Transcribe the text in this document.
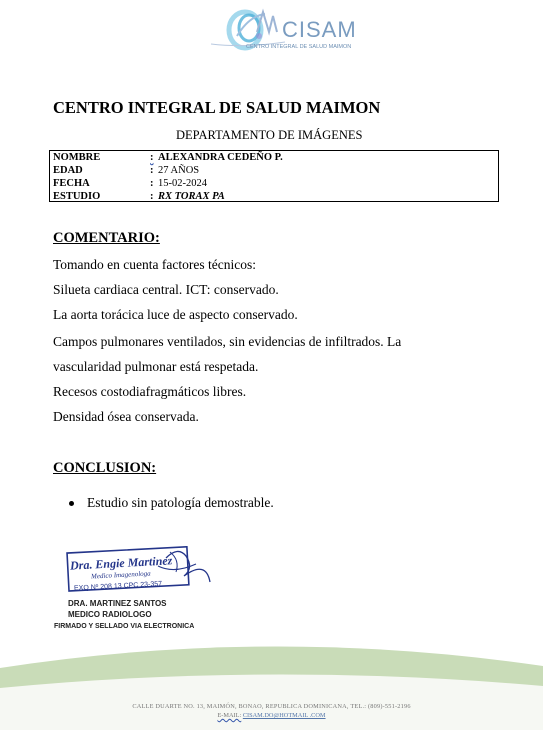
CISAM
CENTRO INTEGRAL DE SALUD MAIMON
CENTRO INTEGRAL DE SALUD MAIMON
DEPARTAMENTO DE IMÁGENES
NOMBRE	: ALEXANDRA CEDEÑO P.
EDAD	: 27 AÑOS
FECHA	: 15-02-2024
ESTUDIO	: RX TORAX PA
COMENTARIO:
Tomando en cuenta factores técnicos:
Silueta cardiaca central. ICT: conservado.
La aorta torácica luce de aspecto conservado.
Campos pulmonares ventilados, sin evidencias de infiltrados. La
vascularidad pulmonar está respetada.
Recesos costodiafragmáticos libres.
Densidad ósea conservada.
CONCLUSION:
Estudio sin patología demostrable.
Dra. Engie Martinez
Medico Imagenologa
EXQ Nº 208 13 CPC 23-357
DRA. MARTINEZ SANTOS
MEDICO RADIOLOGO
FIRMADO Y SELLADO VIA ELECTRONICA
CALLE DUARTE NO. 13, MAIMÓN, BONAO, REPUBLICA DOMINICANA, TEL.: (809)-551-2196
E-MAIL: CISAM.DO@HOTMAIL .COM
